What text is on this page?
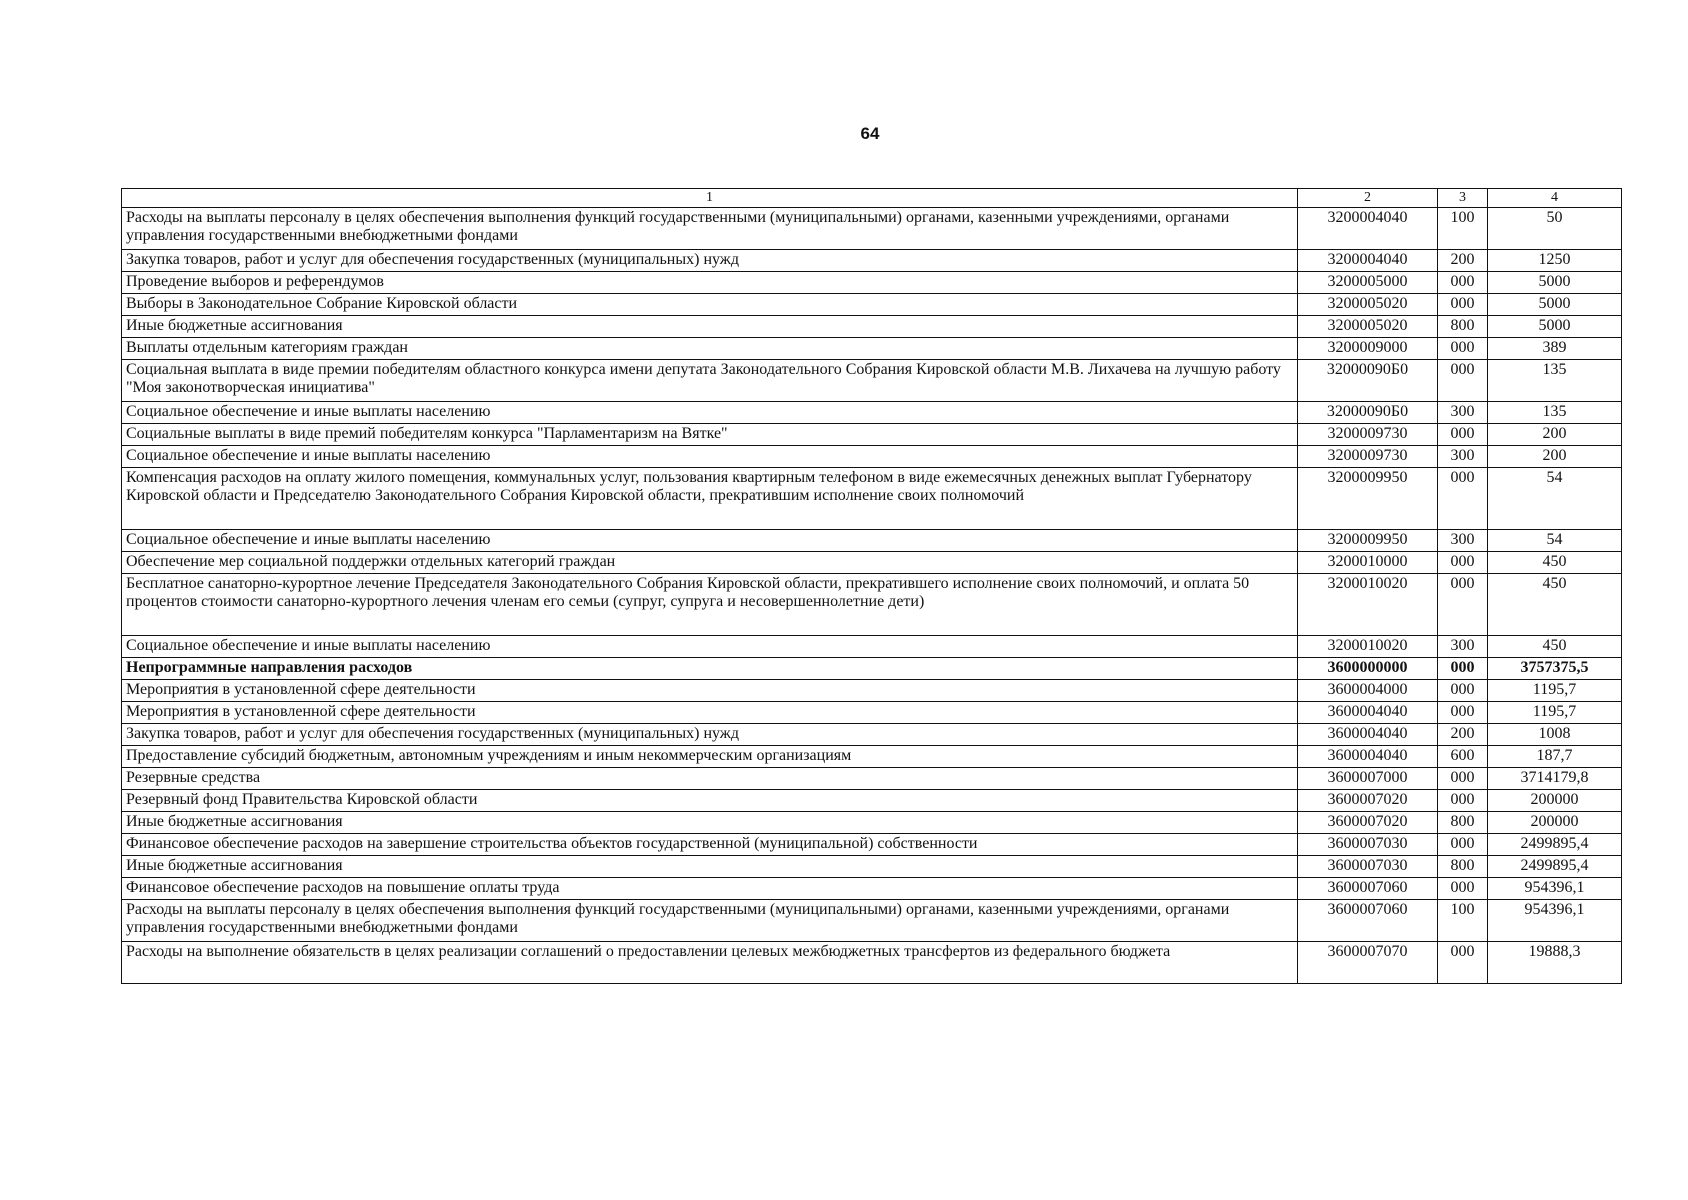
64
1	2	3	4
Расходы на выплаты персоналу в целях обеспечения выполнения функций государственными (муниципальными) органами, казенными учреждениями, органами управления государственными внебюджетными фондами	3200004040	100	50
Закупка товаров, работ и услуг для обеспечения государственных (муниципальных) нужд	3200004040	200	1250
Проведение выборов и референдумов	3200005000	000	5000
Выборы в Законодательное Собрание Кировской области	3200005020	000	5000
Иные бюджетные ассигнования	3200005020	800	5000
Выплаты отдельным категориям граждан	3200009000	000	389
Социальная выплата в виде премии победителям областного конкурса имени депутата Законодательного Собрания Кировской области М.В. Лихачева на лучшую работу "Моя законотворческая инициатива"	32000090Б0	000	135
Социальное обеспечение и иные выплаты населению	32000090Б0	300	135
Социальные выплаты в виде премий победителям конкурса "Парламентаризм на Вятке"	3200009730	000	200
Социальное обеспечение и иные выплаты населению	3200009730	300	200
Компенсация расходов на оплату жилого помещения, коммунальных услуг, пользования квартирным телефоном в виде ежемесячных денежных выплат Губернатору Кировской области и Председателю Законодательного Собрания Кировской области, прекратившим исполнение своих полномочий	3200009950	000	54
Социальное обеспечение и иные выплаты населению	3200009950	300	54
Обеспечение мер социальной поддержки отдельных категорий граждан	3200010000	000	450
Бесплатное санаторно-курортное лечение Председателя Законодательного Собрания Кировской области, прекратившего исполнение своих полномочий, и оплата 50 процентов стоимости санаторно-курортного лечения членам его семьи (супруг, супруга и несовершеннолетние дети)	3200010020	000	450
Социальное обеспечение и иные выплаты населению	3200010020	300	450
Непрограммные направления расходов	3600000000	000	3757375,5
Мероприятия в установленной сфере деятельности	3600004000	000	1195,7
Мероприятия в установленной сфере деятельности	3600004040	000	1195,7
Закупка товаров, работ и услуг для обеспечения государственных (муниципальных) нужд	3600004040	200	1008
Предоставление субсидий бюджетным, автономным учреждениям и иным некоммерческим организациям	3600004040	600	187,7
Резервные средства	3600007000	000	3714179,8
Резервный фонд Правительства Кировской области	3600007020	000	200000
Иные бюджетные ассигнования	3600007020	800	200000
Финансовое обеспечение расходов на завершение строительства объектов государственной (муниципальной) собственности	3600007030	000	2499895,4
Иные бюджетные ассигнования	3600007030	800	2499895,4
Финансовое обеспечение расходов на повышение оплаты труда	3600007060	000	954396,1
Расходы на выплаты персоналу в целях обеспечения выполнения функций государственными (муниципальными) органами, казенными учреждениями, органами управления государственными внебюджетными фондами	3600007060	100	954396,1
Расходы на выполнение обязательств в целях реализации соглашений о предоставлении целевых межбюджетных трансфертов из федерального бюджета	3600007070	000	19888,3
